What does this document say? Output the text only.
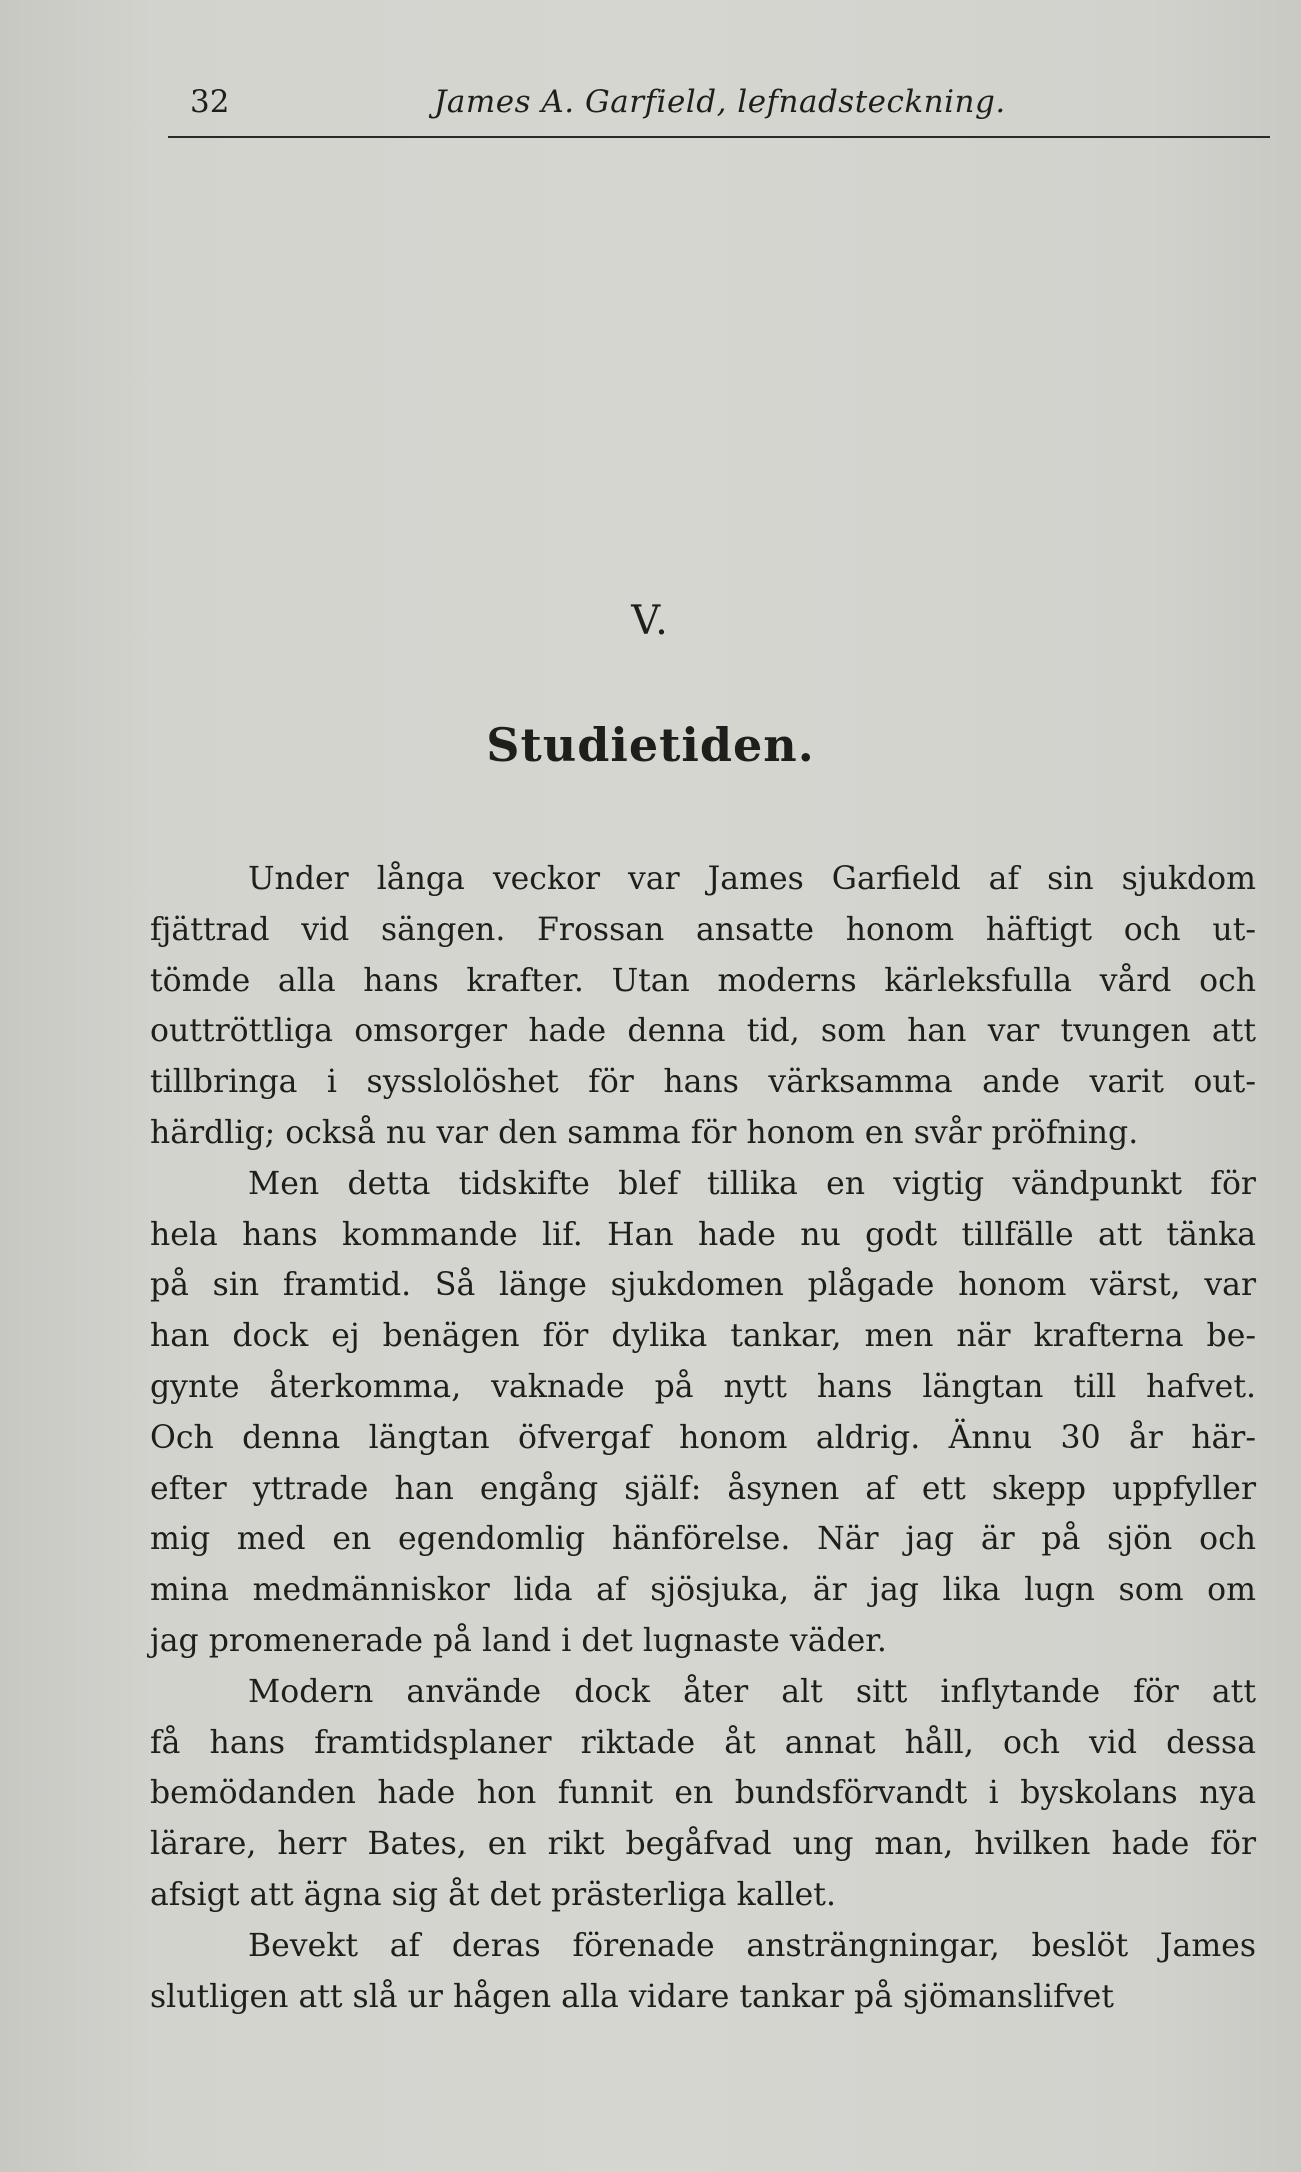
32	James A. Garfield, lefnadsteckning.
V.
Studietiden.
Under långa veckor var James Garfield af sin sjukdom
fjättrad vid sängen. Frossan ansatte honom häftigt och ut-
tömde alla hans krafter. Utan moderns kärleksfulla vård och
outtröttliga omsorger hade denna tid, som han var tvungen att
tillbringa i sysslolöshet för hans värksamma ande varit out-
härdlig; också nu var den samma för honom en svår pröfning.
Men detta tidskifte blef tillika en vigtig vändpunkt för
hela hans kommande lif. Han hade nu godt tillfälle att tänka
på sin framtid. Så länge sjukdomen plågade honom värst, var
han dock ej benägen för dylika tankar, men när krafterna be-
gynte återkomma, vaknade på nytt hans längtan till hafvet.
Och denna längtan öfvergaf honom aldrig. Ännu 30 år här-
efter yttrade han engång själf: åsynen af ett skepp uppfyller
mig med en egendomlig hänförelse. När jag är på sjön och
mina medmänniskor lida af sjösjuka, är jag lika lugn som om
jag promenerade på land i det lugnaste väder.
Modern använde dock åter alt sitt inflytande för att
få hans framtidsplaner riktade åt annat håll, och vid dessa
bemödanden hade hon funnit en bundsförvandt i byskolans nya
lärare, herr Bates, en rikt begåfvad ung man, hvilken hade för
afsigt att ägna sig åt det prästerliga kallet.
Bevekt af deras förenade ansträngningar, beslöt James
slutligen att slå ur hågen alla vidare tankar på sjömanslifvet
